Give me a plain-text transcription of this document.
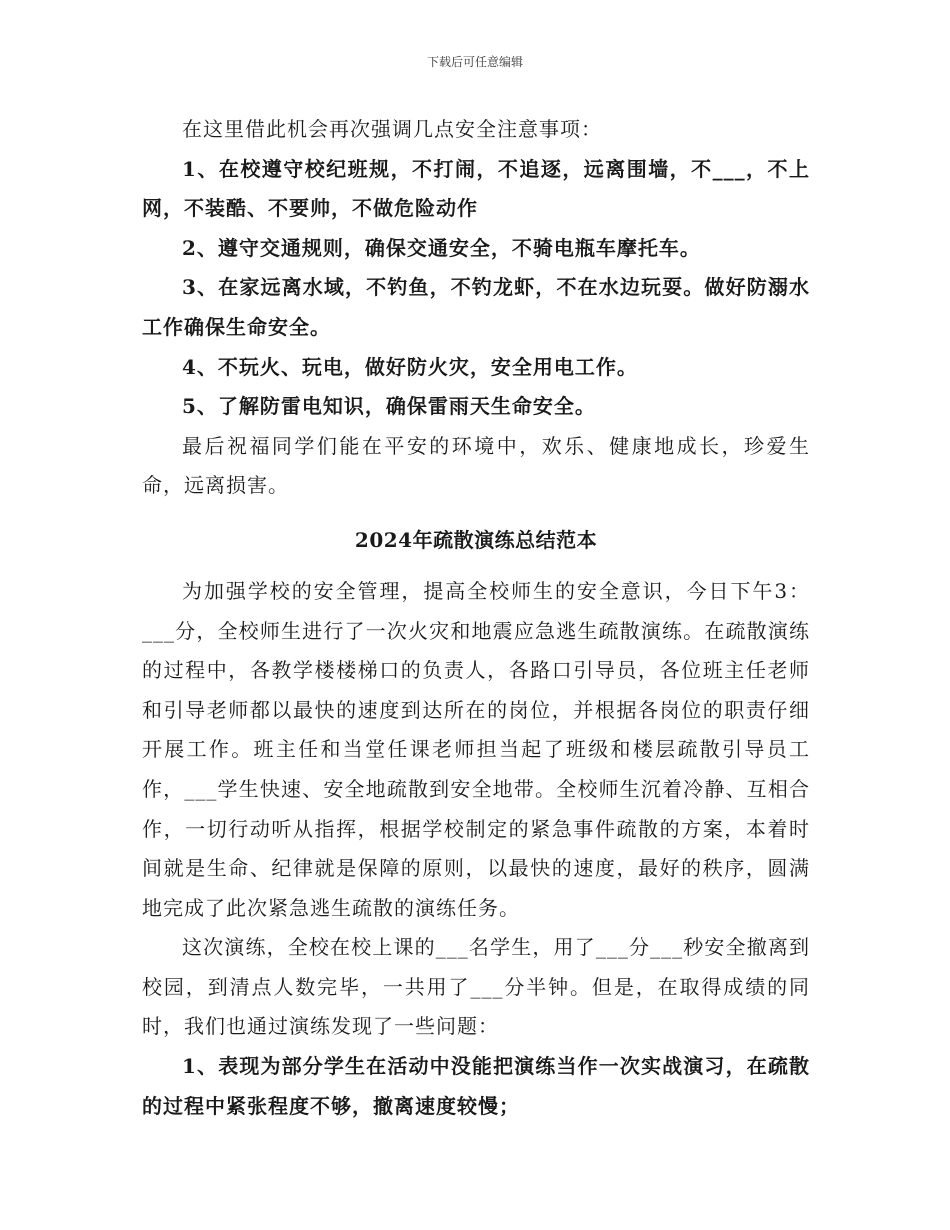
下载后可任意编辑

在这里借此机会再次强调几点安全注意事项：

1、在校遵守校纪班规，不打闹，不追逐，远离围墙，不___，不上网，不装酷、不要帅，不做危险动作

2、遵守交通规则，确保交通安全，不骑电瓶车摩托车。

3、在家远离水域，不钓鱼，不钓龙虾，不在水边玩耍。做好防溺水工作确保生命安全。

4、不玩火、玩电，做好防火灾，安全用电工作。

5、了解防雷电知识，确保雷雨天生命安全。

最后祝福同学们能在平安的环境中，欢乐、健康地成长，珍爱生命，远离损害。

2024年疏散演练总结范本

为加强学校的安全管理，提高全校师生的安全意识，今日下午3：___分，全校师生进行了一次火灾和地震应急逃生疏散演练。在疏散演练的过程中，各教学楼楼梯口的负责人，各路口引导员，各位班主任老师和引导老师都以最快的速度到达所在的岗位，并根据各岗位的职责仔细开展工作。班主任和当堂任课老师担当起了班级和楼层疏散引导员工作，___学生快速、安全地疏散到安全地带。全校师生沉着冷静、互相合作，一切行动听从指挥，根据学校制定的紧急事件疏散的方案，本着时间就是生命、纪律就是保障的原则，以最快的速度，最好的秩序，圆满地完成了此次紧急逃生疏散的演练任务。

这次演练，全校在校上课的___名学生，用了___分___秒安全撤离到校园，到清点人数完毕，一共用了___分半钟。但是，在取得成绩的同时，我们也通过演练发现了一些问题：

1、表现为部分学生在活动中没能把演练当作一次实战演习，在疏散的过程中紧张程度不够，撤离速度较慢；
